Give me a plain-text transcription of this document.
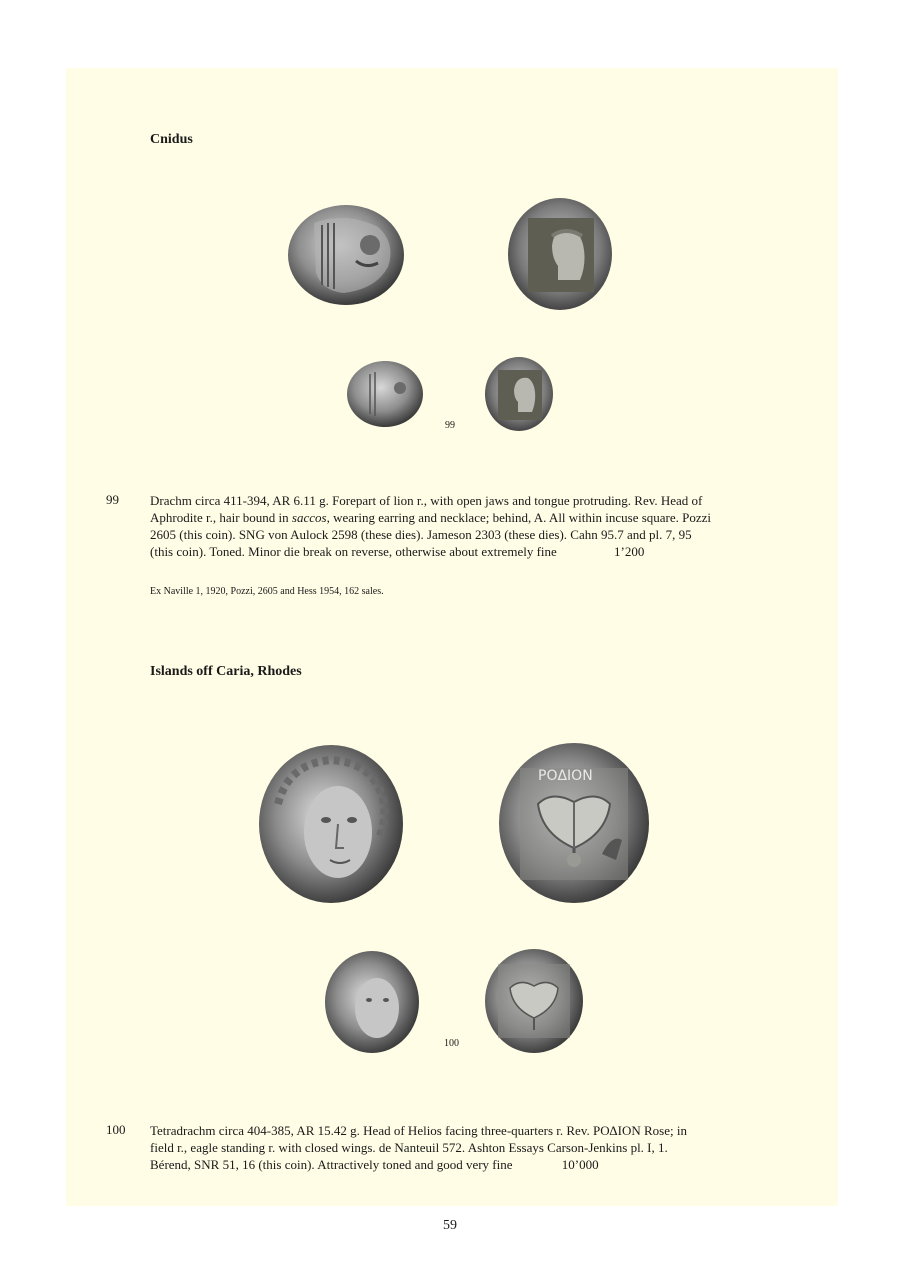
Cnidus
99
99 Drachm circa 411-394, AR 6.11 g. Forepart of lion r., with open jaws and tongue protruding. Rev. Head of
Aphrodite r., hair bound in saccos, wearing earring and necklace; behind, A. All within incuse square. Pozzi
2605 (this coin). SNG von Aulock 2598 (these dies). Jameson 2303 (these dies). Cahn 95.7 and pl. 7, 95
(this coin). Toned. Minor die break on reverse, otherwise about extremely fine	1’200
Ex Naville 1, 1920, Pozzi, 2605 and Hess 1954, 162 sales.
Islands off Caria, Rhodes
ΡΟΔΙΟΝ
100
100 Tetradrachm circa 404-385, AR 15.42 g. Head of Helios facing three-quarters r. Rev. ΡΟΔΙΟΝ Rose; in
field r., eagle standing r. with closed wings. de Nanteuil 572. Ashton Essays Carson-Jenkins pl. I, 1.
Bérend, SNR 51, 16 (this coin). Attractively toned and good very fine	10’000
59
